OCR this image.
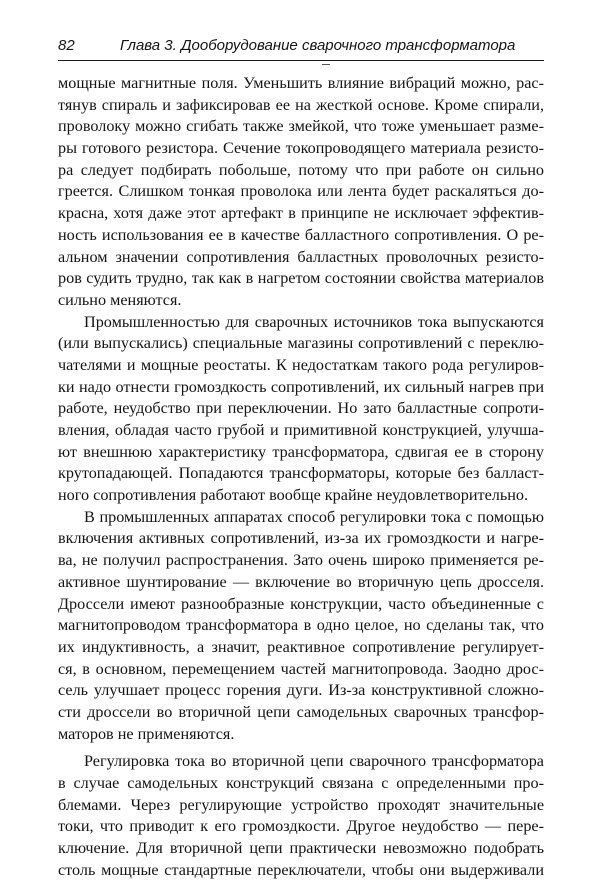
82	Глава 3. Дооборудование сварочного трансформатора
мощные магнитные поля. Уменьшить влияние вибраций можно, рас-
тянув спираль и зафиксировав ее на жесткой основе. Кроме спирали,
проволоку можно сгибать также змейкой, что тоже уменьшает разме-
ры готового резистора. Сечение токопроводящего материала резисто-
ра следует подбирать побольше, потому что при работе он сильно
греется. Слишком тонкая проволока или лента будет раскаляться до-
красна, хотя даже этот артефакт в принципе не исключает эффектив-
ность использования ее в качестве балластного сопротивления. О ре-
альном значении сопротивления балластных проволочных резисто-
ров судить трудно, так как в нагретом состоянии свойства материалов
сильно меняются.
Промышленностью для сварочных источников тока выпускаются
(или выпускались) специальные магазины сопротивлений с переклю-
чателями и мощные реостаты. К недостаткам такого рода регулиров-
ки надо отнести громоздкость сопротивлений, их сильный нагрев при
работе, неудобство при переключении. Но зато балластные сопроти-
вления, обладая часто грубой и примитивной конструкцией, улучша-
ют внешнюю характеристику трансформатора, сдвигая ее в сторону
крутопадающей. Попадаются трансформаторы, которые без балласт-
ного сопротивления работают вообще крайне неудовлетворительно.
В промышленных аппаратах способ регулировки тока с помощью
включения активных сопротивлений, из-за их громоздкости и нагре-
ва, не получил распространения. Зато очень широко применяется ре-
активное шунтирование — включение во вторичную цепь дросселя.
Дроссели имеют разнообразные конструкции, часто объединенные с
магнитопроводом трансформатора в одно целое, но сделаны так, что
их индуктивность, а значит, реактивное сопротивление регулирует-
ся, в основном, перемещением частей магнитопровода. Заодно дрос-
сель улучшает процесс горения дуги. Из-за конструктивной сложно-
сти дроссели во вторичной цепи самодельных сварочных трансфор-
маторов не применяются.
Регулировка тока во вторичной цепи сварочного трансформатора
в случае самодельных конструкций связана с определенными про-
блемами. Через регулирующие устройство проходят значительные
токи, что приводит к его громоздкости. Другое неудобство — пере-
ключение. Для вторичной цепи практически невозможно подобрать
столь мощные стандартные переключатели, чтобы они выдерживали
